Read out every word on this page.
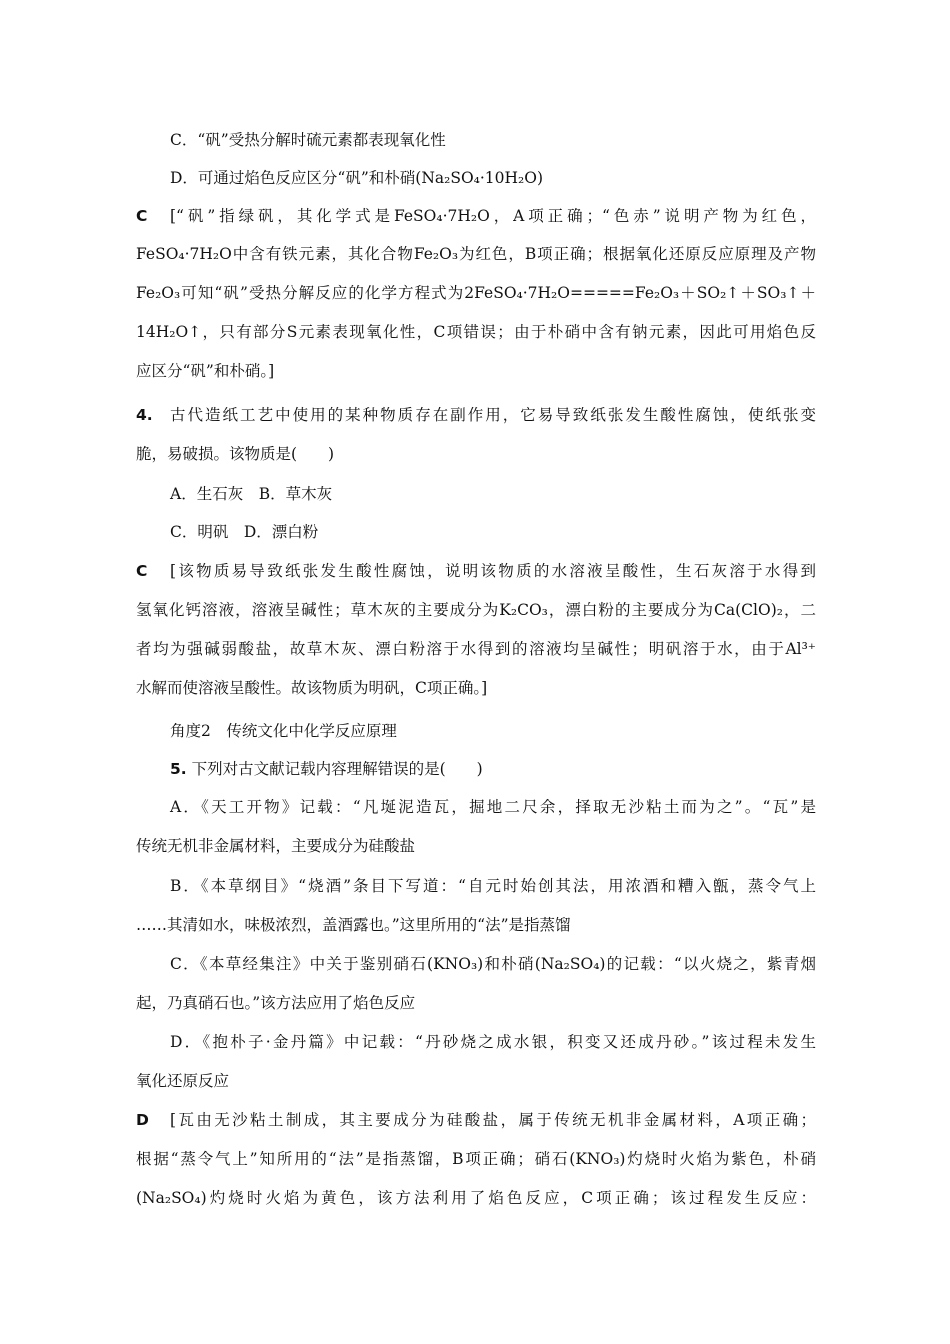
C．“矾”受热分解时硫元素都表现氧化性
D．可通过焰色反应区分“矾”和朴硝(Na₂SO₄·10H₂O)
C [“矾”指绿矾，其化学式是FeSO₄·7H₂O，A项正确；“色赤”说明产物为红色，
FeSO₄·7H₂O中含有铁元素，其化合物Fe₂O₃为红色，B项正确；根据氧化还原反应原理及产物
Fe₂O₃可知“矾”受热分解反应的化学方程式为2FeSO₄·7H₂O=====Fe₂O₃＋SO₂↑＋SO₃↑＋
14H₂O↑，只有部分S元素表现氧化性，C项错误；由于朴硝中含有钠元素，因此可用焰色反
应区分“矾”和朴硝。]
4. 古代造纸工艺中使用的某种物质存在副作用，它易导致纸张发生酸性腐蚀，使纸张变
脆，易破损。该物质是(　　)
A．生石灰　B．草木灰
C．明矾　D．漂白粉
C [该物质易导致纸张发生酸性腐蚀，说明该物质的水溶液呈酸性，生石灰溶于水得到
氢氧化钙溶液，溶液呈碱性；草木灰的主要成分为K₂CO₃，漂白粉的主要成分为Ca(ClO)₂，二
者均为强碱弱酸盐，故草木灰、漂白粉溶于水得到的溶液均呈碱性；明矾溶于水，由于Al³⁺
水解而使溶液呈酸性。故该物质为明矾，C项正确。]
角度2　传统文化中化学反应原理
5. 下列对古文献记载内容理解错误的是(　　)
A．《天工开物》记载：“凡埏泥造瓦，掘地二尺余，择取无沙粘土而为之”。“瓦”是
传统无机非金属材料，主要成分为硅酸盐
B．《本草纲目》“烧酒”条目下写道：“自元时始创其法，用浓酒和糟入甑，蒸令气上
……其清如水，味极浓烈，盖酒露也。”这里所用的“法”是指蒸馏
C．《本草经集注》中关于鉴别硝石(KNO₃)和朴硝(Na₂SO₄)的记载：“以火烧之，紫青烟
起，乃真硝石也。”该方法应用了焰色反应
D．《抱朴子·金丹篇》中记载：“丹砂烧之成水银，积变又还成丹砂。”该过程未发生
氧化还原反应
D [瓦由无沙粘土制成，其主要成分为硅酸盐，属于传统无机非金属材料，A项正确；
根据“蒸令气上”知所用的“法”是指蒸馏，B项正确；硝石(KNO₃)灼烧时火焰为紫色，朴硝
(Na₂SO₄)灼烧时火焰为黄色，该方法利用了焰色反应，C项正确；该过程发生反应：
